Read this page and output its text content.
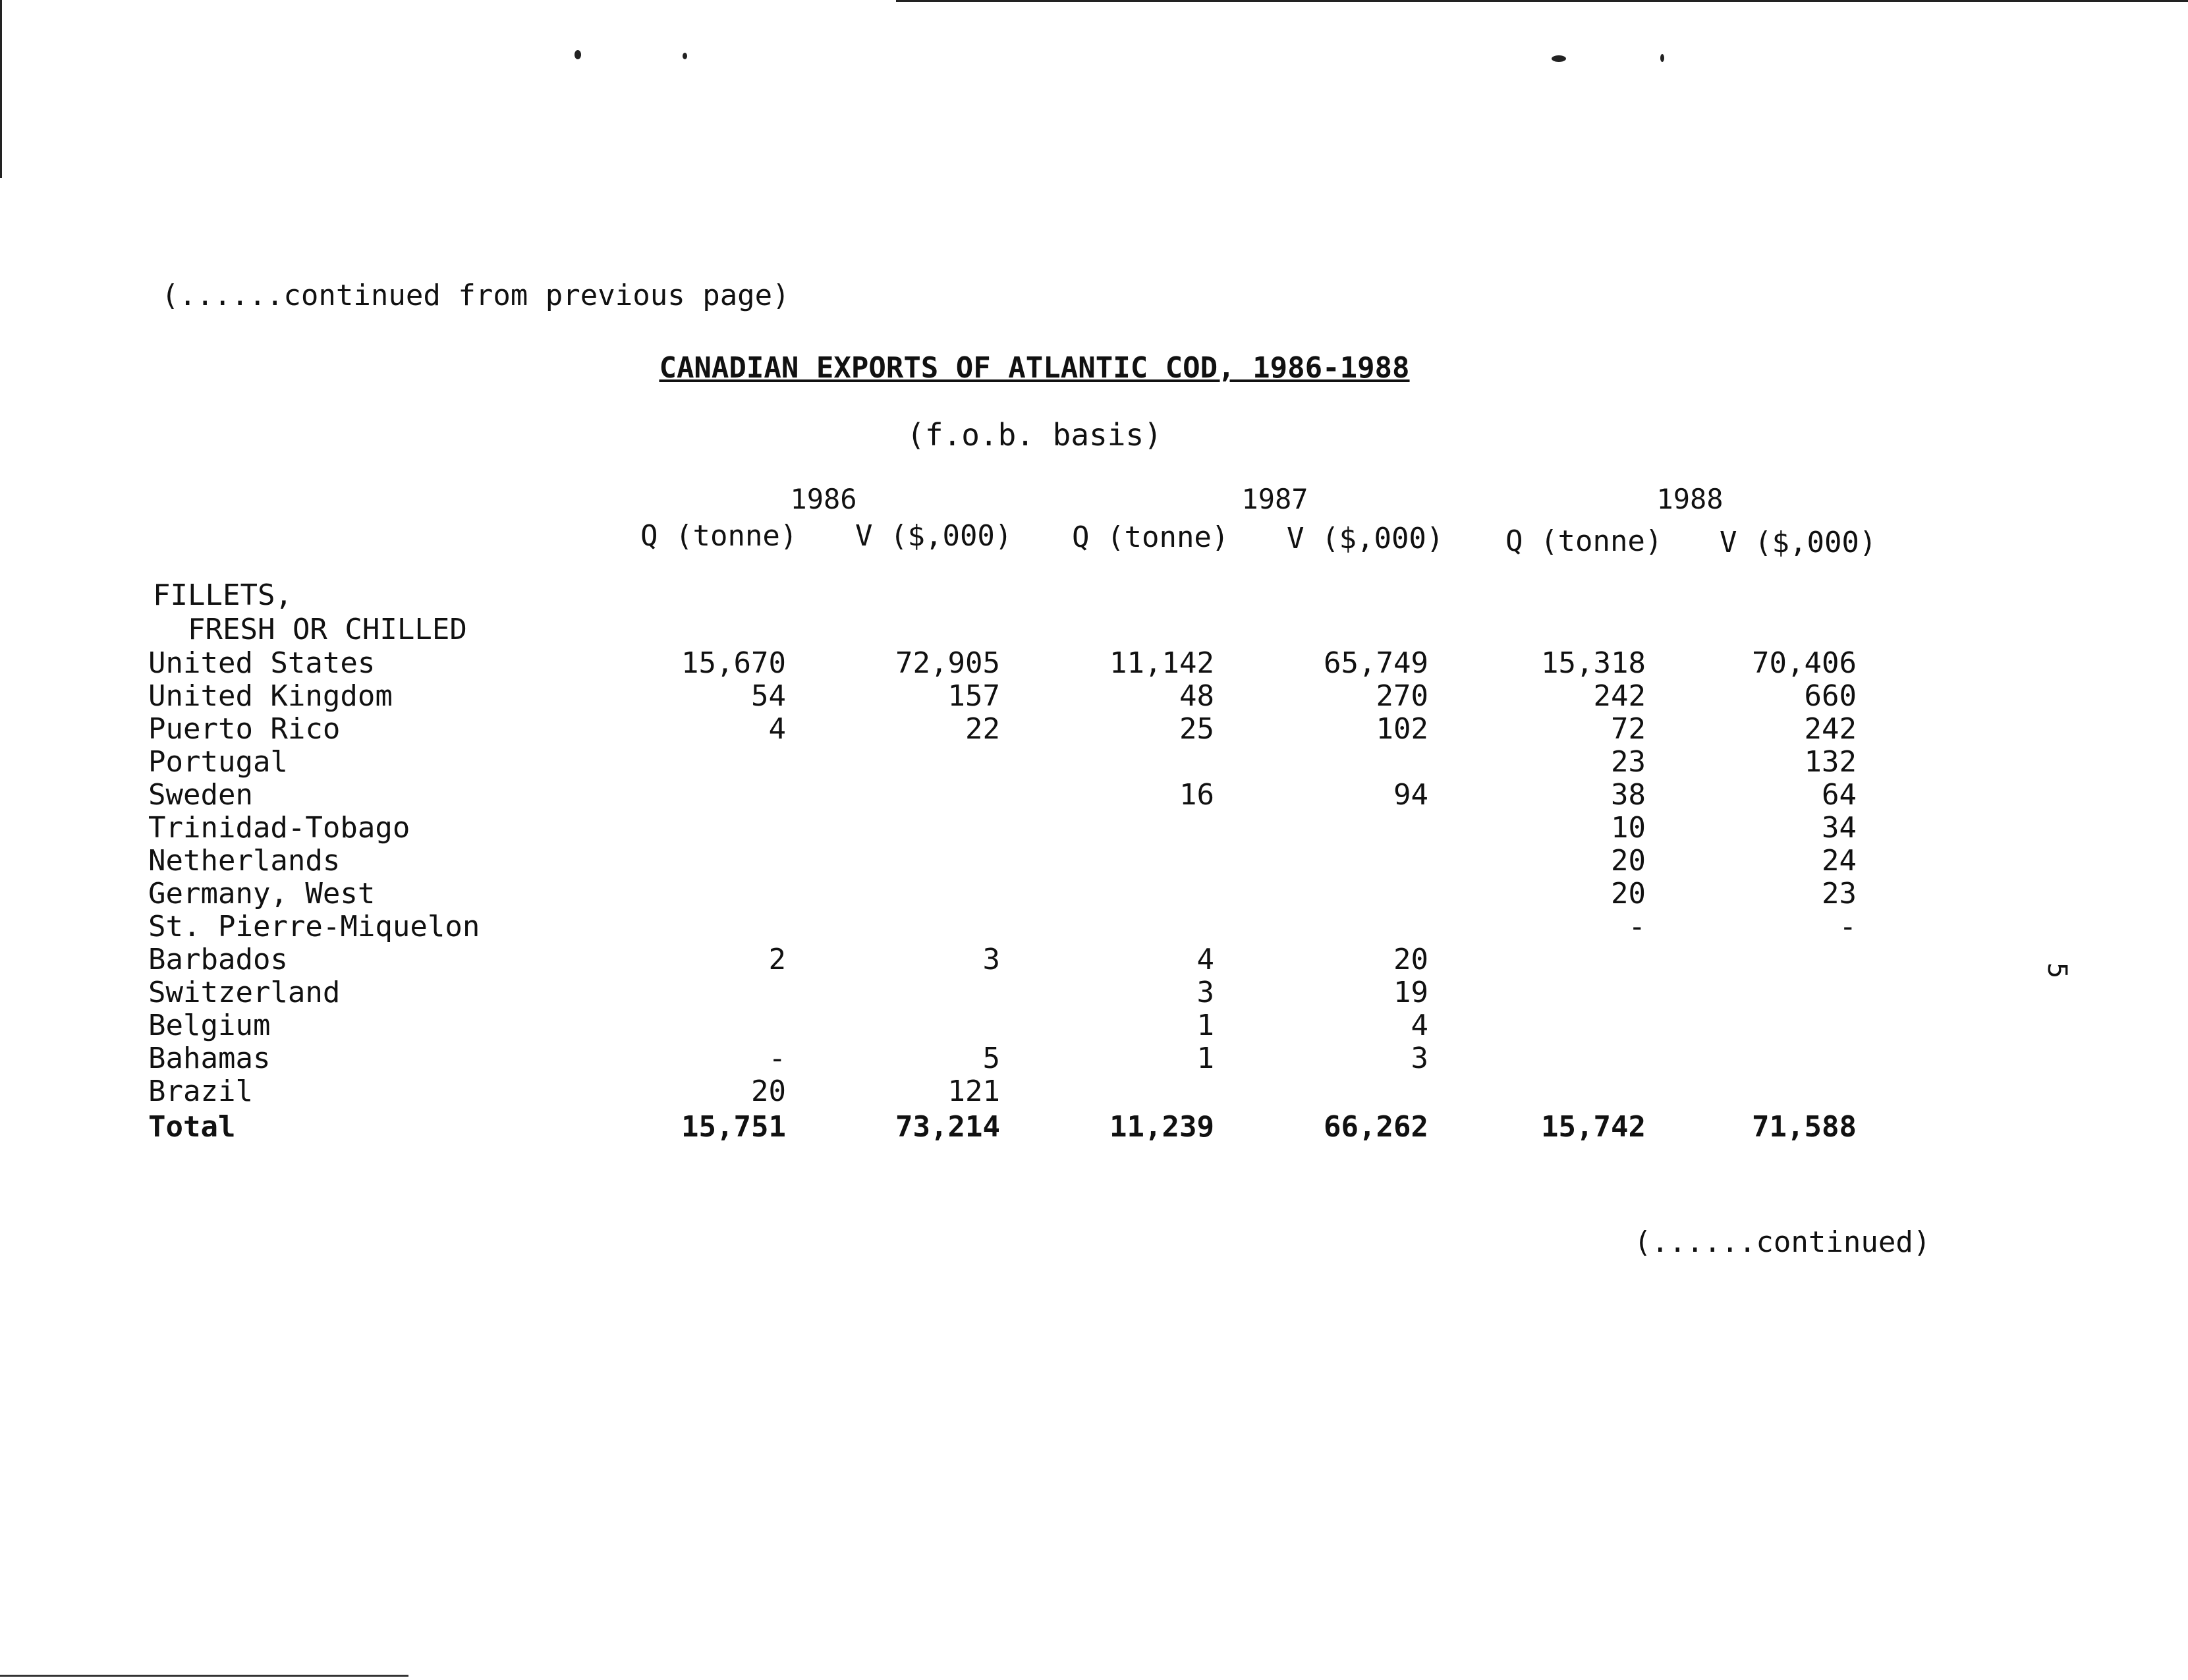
(......continued from previous page)
CANADIAN EXPORTS OF ATLANTIC COD, 1986-1988
(f.o.b. basis)
1986	1987	1988
Q (tonne) V ($,000) Q (tonne) V ($,000) Q (tonne) V ($,000)
FILLETS,
FRESH OR CHILLED
United States	15,670	72,905	11,142	65,749	15,318	70,406
United Kingdom	54	157	48	270	242	660
Puerto Rico	4	22	25	102	72	242
Portugal					23	132
Sweden			16	94	38	64
Trinidad-Tobago					10	34
Netherlands					20	24
Germany, West					20	23
St. Pierre-Miquelon					-	-
Barbados	2	3	4	20		
Switzerland			3	19		
Belgium			1	4		
Bahamas	-	5	1	3		
Brazil	20	121				
Total	15,751	73,214	11,239	66,262	15,742	71,588
(......continued)
5
